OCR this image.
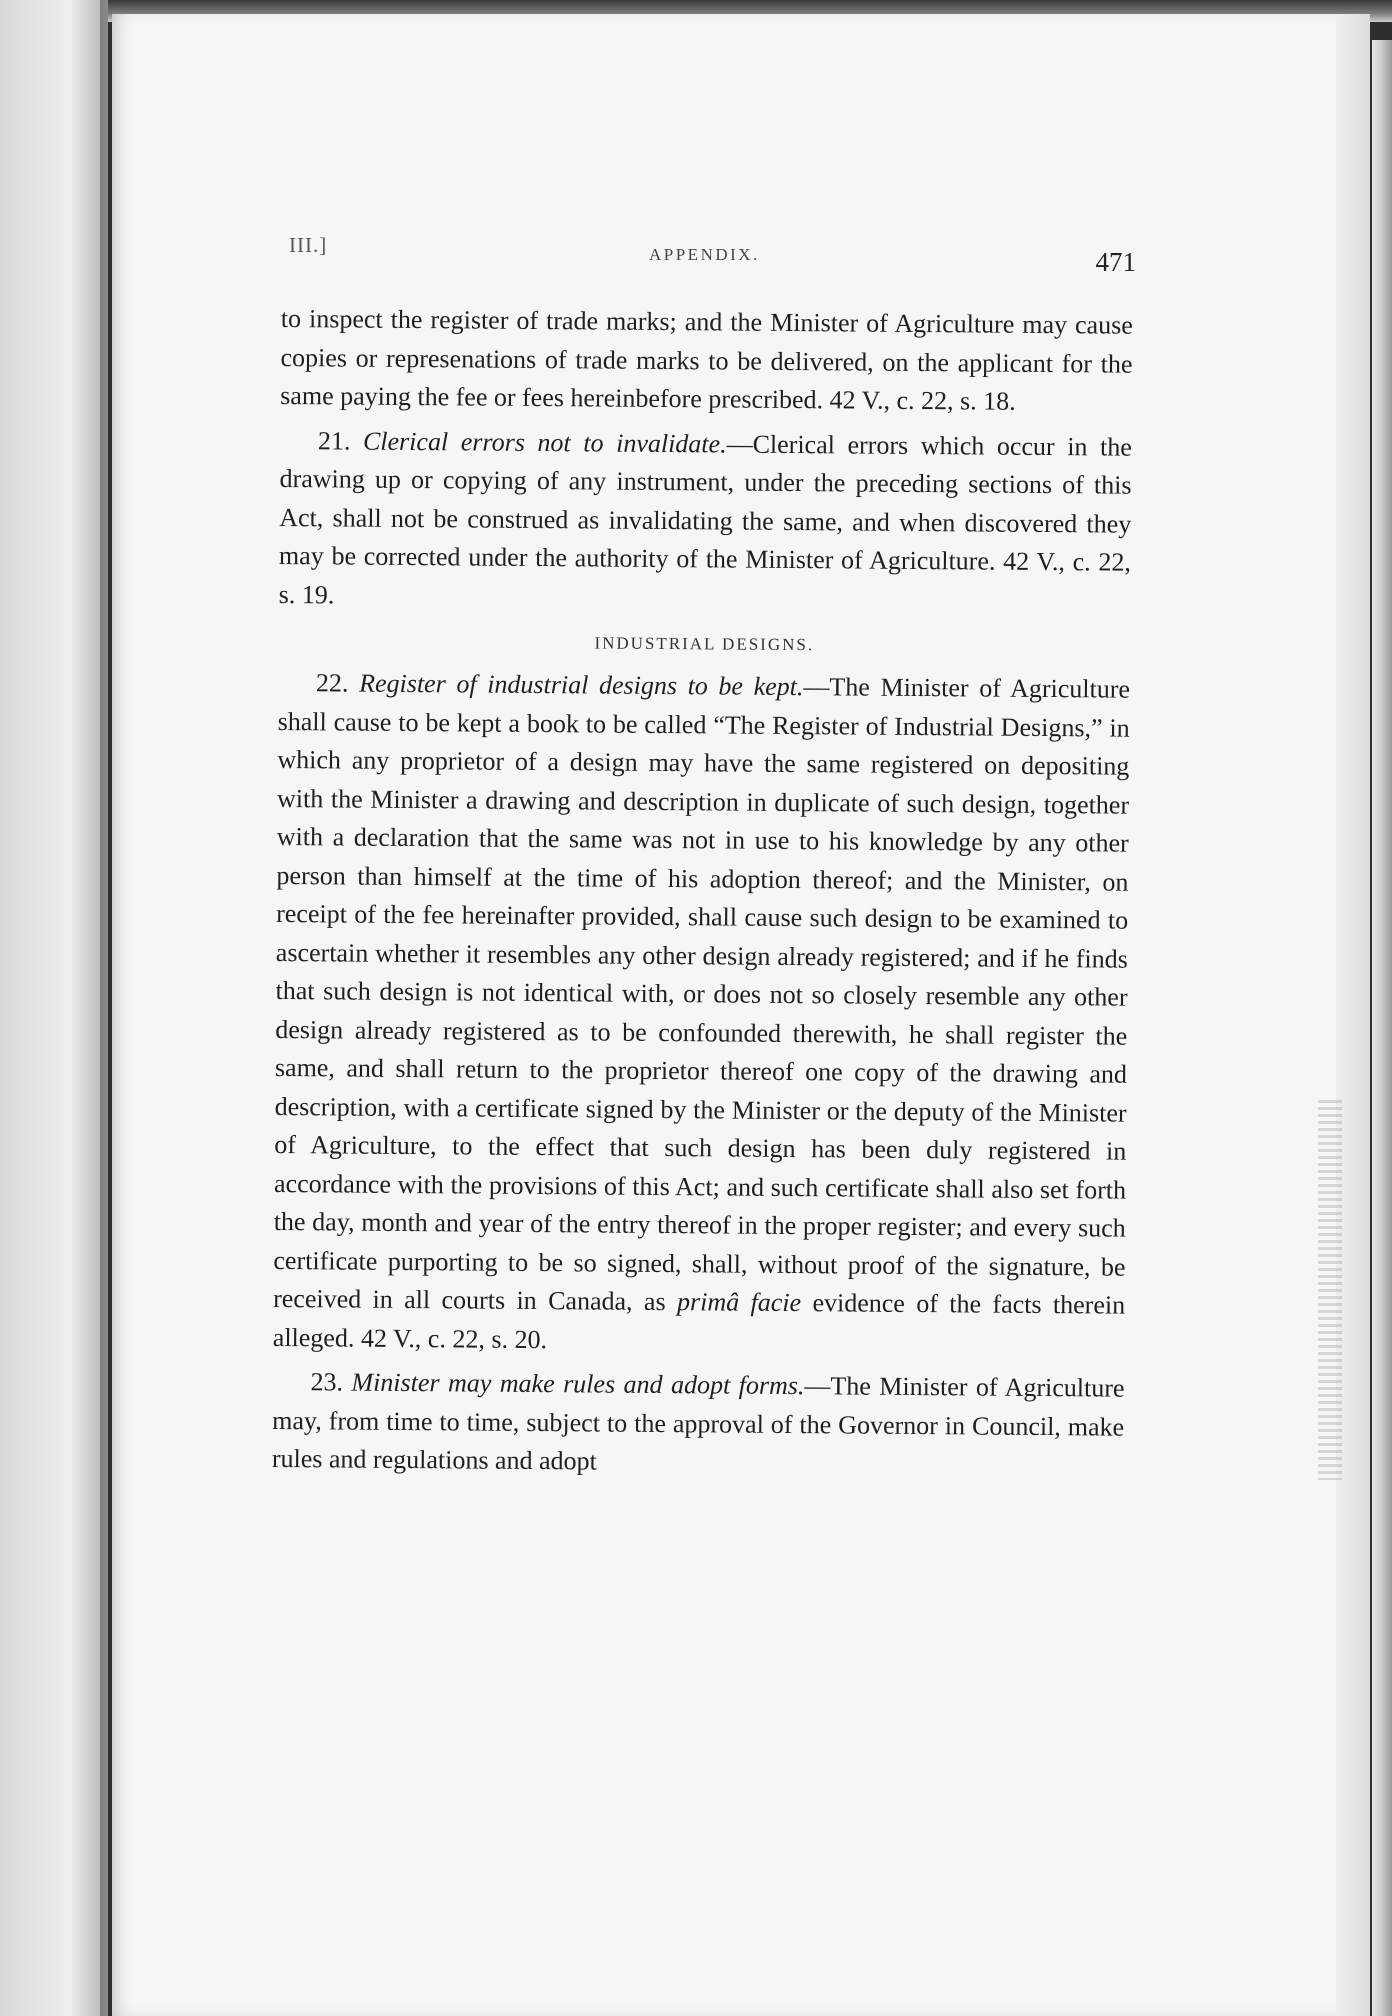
III.]	APPENDIX.	471

to inspect the register of trade marks; and the Minister of Agriculture may cause copies or represenations of trade marks to be delivered, on the applicant for the same paying the fee or fees hereinbefore prescribed. 42 V., c. 22, s. 18.

21. Clerical errors not to invalidate.—Clerical errors which occur in the drawing up or copying of any instrument, under the preceding sections of this Act, shall not be construed as invalidating the same, and when discovered they may be corrected under the authority of the Minister of Agriculture. 42 V., c. 22, s. 19.

INDUSTRIAL DESIGNS.

22. Register of industrial designs to be kept.—The Minister of Agriculture shall cause to be kept a book to be called “The Register of Industrial Designs,” in which any proprietor of a design may have the same registered on depositing with the Minister a drawing and description in duplicate of such design, together with a declaration that the same was not in use to his knowledge by any other person than himself at the time of his adoption thereof; and the Minister, on receipt of the fee hereinafter provided, shall cause such design to be examined to ascertain whether it resembles any other design already registered; and if he finds that such design is not identical with, or does not so closely resemble any other design already registered as to be confounded therewith, he shall register the same, and shall return to the proprietor thereof one copy of the drawing and description, with a certificate signed by the Minister or the deputy of the Minister of Agriculture, to the effect that such design has been duly registered in accordance with the provisions of this Act; and such certificate shall also set forth the day, month and year of the entry thereof in the proper register; and every such certificate purporting to be so signed, shall, without proof of the signature, be received in all courts in Canada, as primâ facie evidence of the facts therein alleged. 42 V., c. 22, s. 20.

23. Minister may make rules and adopt forms.—The Minister of Agriculture may, from time to time, subject to the approval of the Governor in Council, make rules and regulations and adopt
